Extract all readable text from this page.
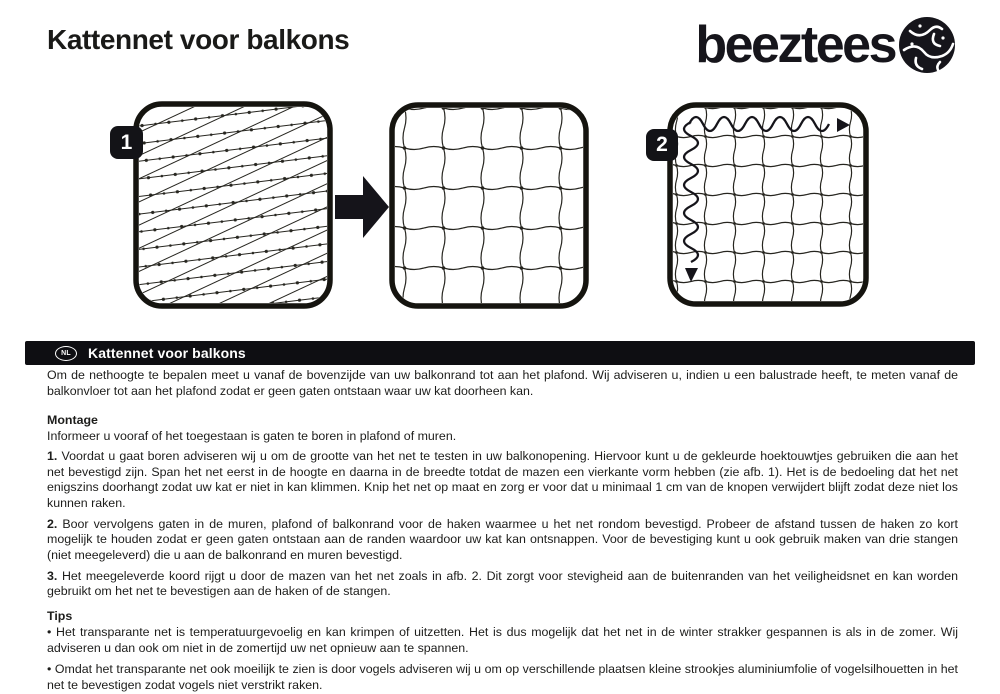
Kattennet voor balkons	beeztees
1	2
NL	Kattennet voor balkons

Om de nethoogte te bepalen meet u vanaf de bovenzijde van uw balkonrand tot aan het plafond. Wij adviseren u, indien u een balustrade heeft, te meten vanaf de balkonvloer tot aan het plafond zodat er geen gaten ontstaan waar uw kat doorheen kan.

Montage

Informeer u vooraf of het toegestaan is gaten te boren in plafond of muren.

1. Voordat u gaat boren adviseren wij u om de grootte van het net te testen in uw balkonopening. Hiervoor kunt u de gekleurde hoektouwtjes gebruiken die aan het net bevestigd zijn. Span het net eerst in de hoogte en daarna in de breedte totdat de mazen een vierkante vorm hebben (zie afb. 1). Het is de bedoeling dat het net enigszins doorhangt zodat uw kat er niet in kan klimmen. Knip het net op maat en zorg er voor dat u minimaal 1 cm van de knopen verwijdert blijft zodat deze niet los kunnen raken.

2. Boor vervolgens gaten in de muren, plafond of balkonrand voor de haken waarmee u het net rondom bevestigd. Probeer de afstand tussen de haken zo kort mogelijk te houden zodat er geen gaten ontstaan aan de randen waardoor uw kat kan ontsnappen. Voor de bevestiging kunt u ook gebruik maken van drie stangen (niet meegeleverd) die u aan de balkonrand en muren bevestigd.

3. Het meegeleverde koord rijgt u door de mazen van het net zoals in afb. 2. Dit zorgt voor stevigheid aan de buitenranden van het veiligheidsnet en kan worden gebruikt om het net te bevestigen aan de haken of de stangen.

Tips

• Het transparante net is temperatuurgevoelig en kan krimpen of uitzetten. Het is dus mogelijk dat het net in de winter strakker gespannen is als in de zomer. Wij adviseren u dan ook om niet in de zomertijd uw net opnieuw aan te spannen.

• Omdat het transparante net ook moeilijk te zien is door vogels adviseren wij u om op verschillende plaatsen kleine strookjes aluminiumfolie of vogelsilhouetten in het net te bevestigen zodat vogels niet verstrikt raken.
